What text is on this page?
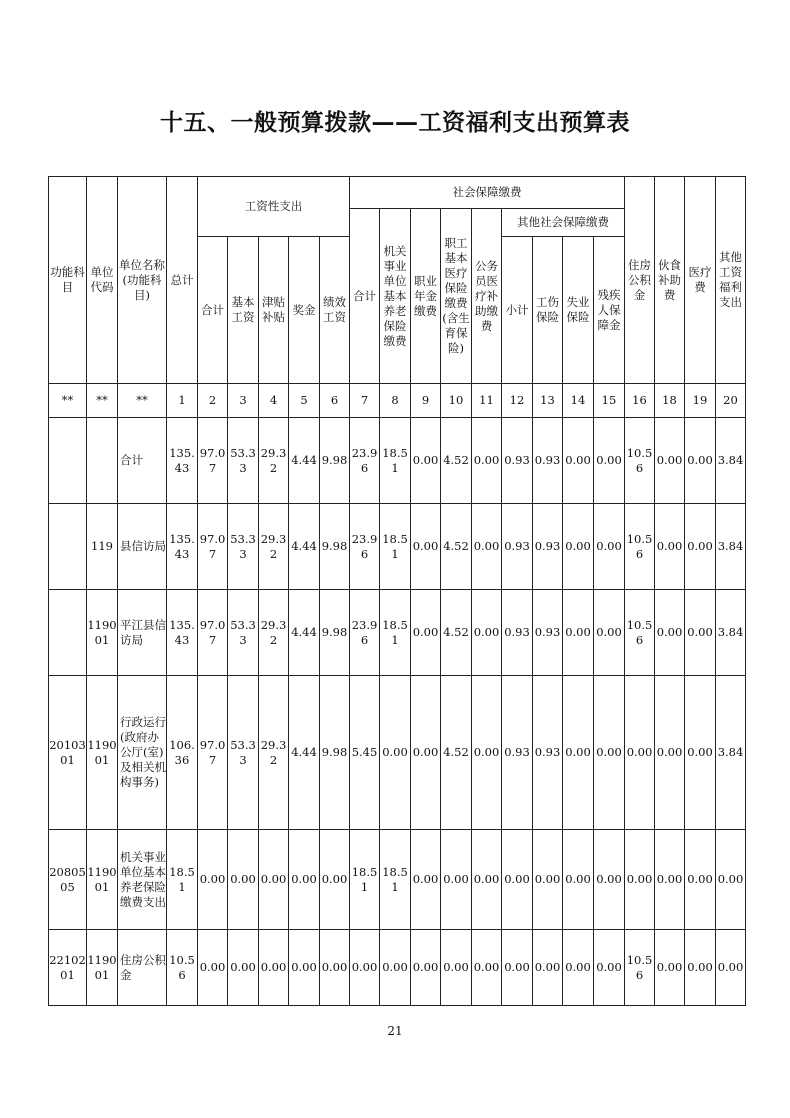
十五、一般预算拨款——工资福利支出预算表
功能科目	单位代码	单位名称(功能科目)	总计	工资性支出					社会保障缴费									住房公积金	伙食补助费	医疗费	其他工资福利支出
									合计	机关事业单位基本养老保险缴费	职业年金缴费	职工基本医疗保险缴费(含生育保险)	公务员医疗补助缴费	其他社会保障缴费							
				合计	基本工资	津贴补贴	奖金	绩效工资						小计	工伤保险	失业保险	残疾人保障金				

**	**	**	1	2	3	4	5	6	7	8	9	10	11	12	13	14	15	16	18	19	20
		合计	135.43	97.07	53.33	29.32	4.44	9.98	23.96	18.51	0.00	4.52	0.00	0.93	0.93	0.00	0.00	10.56	0.00	0.00	3.84
	119	县信访局	135.43	97.07	53.33	29.32	4.44	9.98	23.96	18.51	0.00	4.52	0.00	0.93	0.93	0.00	0.00	10.56	0.00	0.00	3.84
	119001	平江县信访局	135.43	97.07	53.33	29.32	4.44	9.98	23.96	18.51	0.00	4.52	0.00	0.93	0.93	0.00	0.00	10.56	0.00	0.00	3.84
2010301	119001	行政运行(政府办公厅(室)及相关机构事务)	106.36	97.07	53.33	29.32	4.44	9.98	5.45	0.00	0.00	4.52	0.00	0.93	0.93	0.00	0.00	0.00	0.00	0.00	3.84
2080505	119001	机关事业单位基本养老保险缴费支出	18.51	0.00	0.00	0.00	0.00	0.00	18.51	18.51	0.00	0.00	0.00	0.00	0.00	0.00	0.00	0.00	0.00	0.00	0.00
2210201	119001	住房公积金	10.56	0.00	0.00	0.00	0.00	0.00	0.00	0.00	0.00	0.00	0.00	0.00	0.00	0.00	0.00	10.56	0.00	0.00	0.00
21
